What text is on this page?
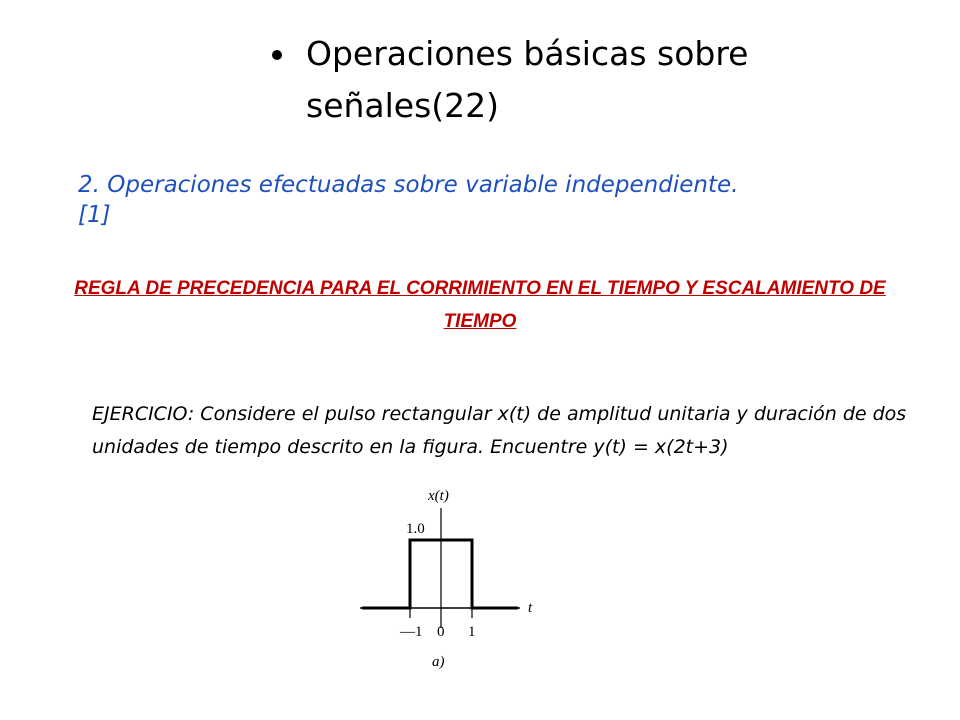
Operaciones básicas sobre señales(22)

2. Operaciones efectuadas sobre variable independiente. [1]

REGLA DE PRECEDENCIA PARA EL CORRIMIENTO EN EL TIEMPO Y ESCALAMIENTO DE TIEMPO

EJERCICIO: Considere el pulso rectangular x(t) de amplitud unitaria y duración de dos unidades de tiempo descrito en la figura. Encuentre y(t) = x(2t+3)

x(t)
1.0
t
—1 0 1
a)
